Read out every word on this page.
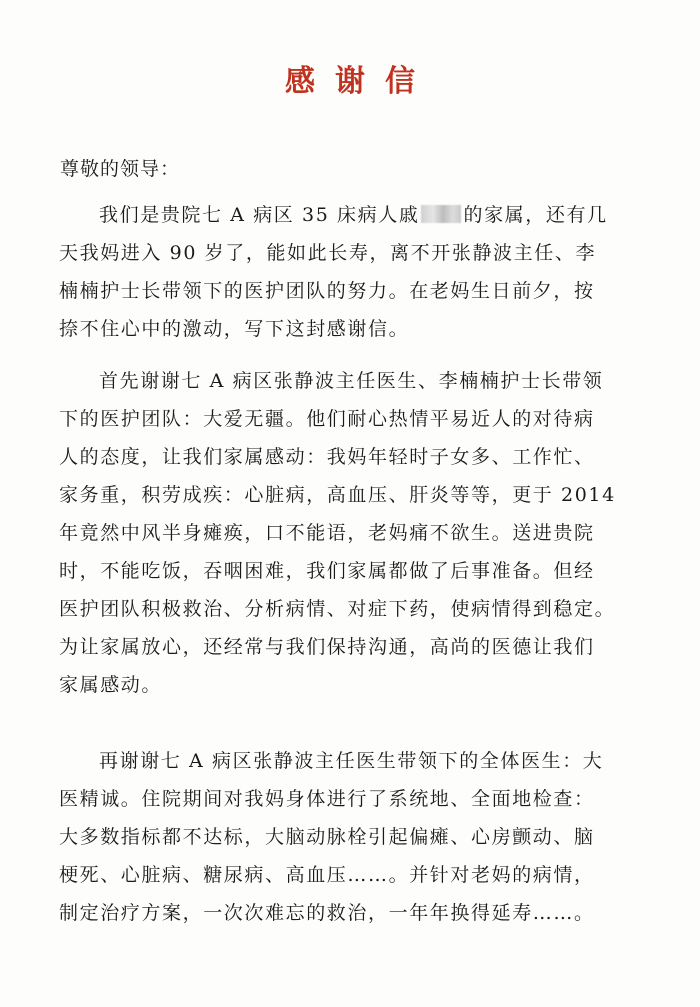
感谢信
尊敬的领导：
我们是贵院七 A 病区 35 床病人戚 的家属，还有几
天我妈进入 90 岁了，能如此长寿，离不开张静波主任、李
楠楠护士长带领下的医护团队的努力。在老妈生日前夕，按
捺不住心中的激动，写下这封感谢信。
首先谢谢七 A 病区张静波主任医生、李楠楠护士长带领
下的医护团队：大爱无疆。他们耐心热情平易近人的对待病
人的态度，让我们家属感动：我妈年轻时子女多、工作忙、
家务重，积劳成疾：心脏病，高血压、肝炎等等，更于 2014
年竟然中风半身瘫痪，口不能语，老妈痛不欲生。送进贵院
时，不能吃饭，吞咽困难，我们家属都做了后事准备。但经
医护团队积极救治、分析病情、对症下药，使病情得到稳定。
为让家属放心，还经常与我们保持沟通，高尚的医德让我们
家属感动。
再谢谢七 A 病区张静波主任医生带领下的全体医生：大
医精诚。住院期间对我妈身体进行了系统地、全面地检查：
大多数指标都不达标，大脑动脉栓引起偏瘫、心房颤动、脑
梗死、心脏病、糖尿病、高血压……。并针对老妈的病情，
制定治疗方案，一次次难忘的救治，一年年换得延寿……。
